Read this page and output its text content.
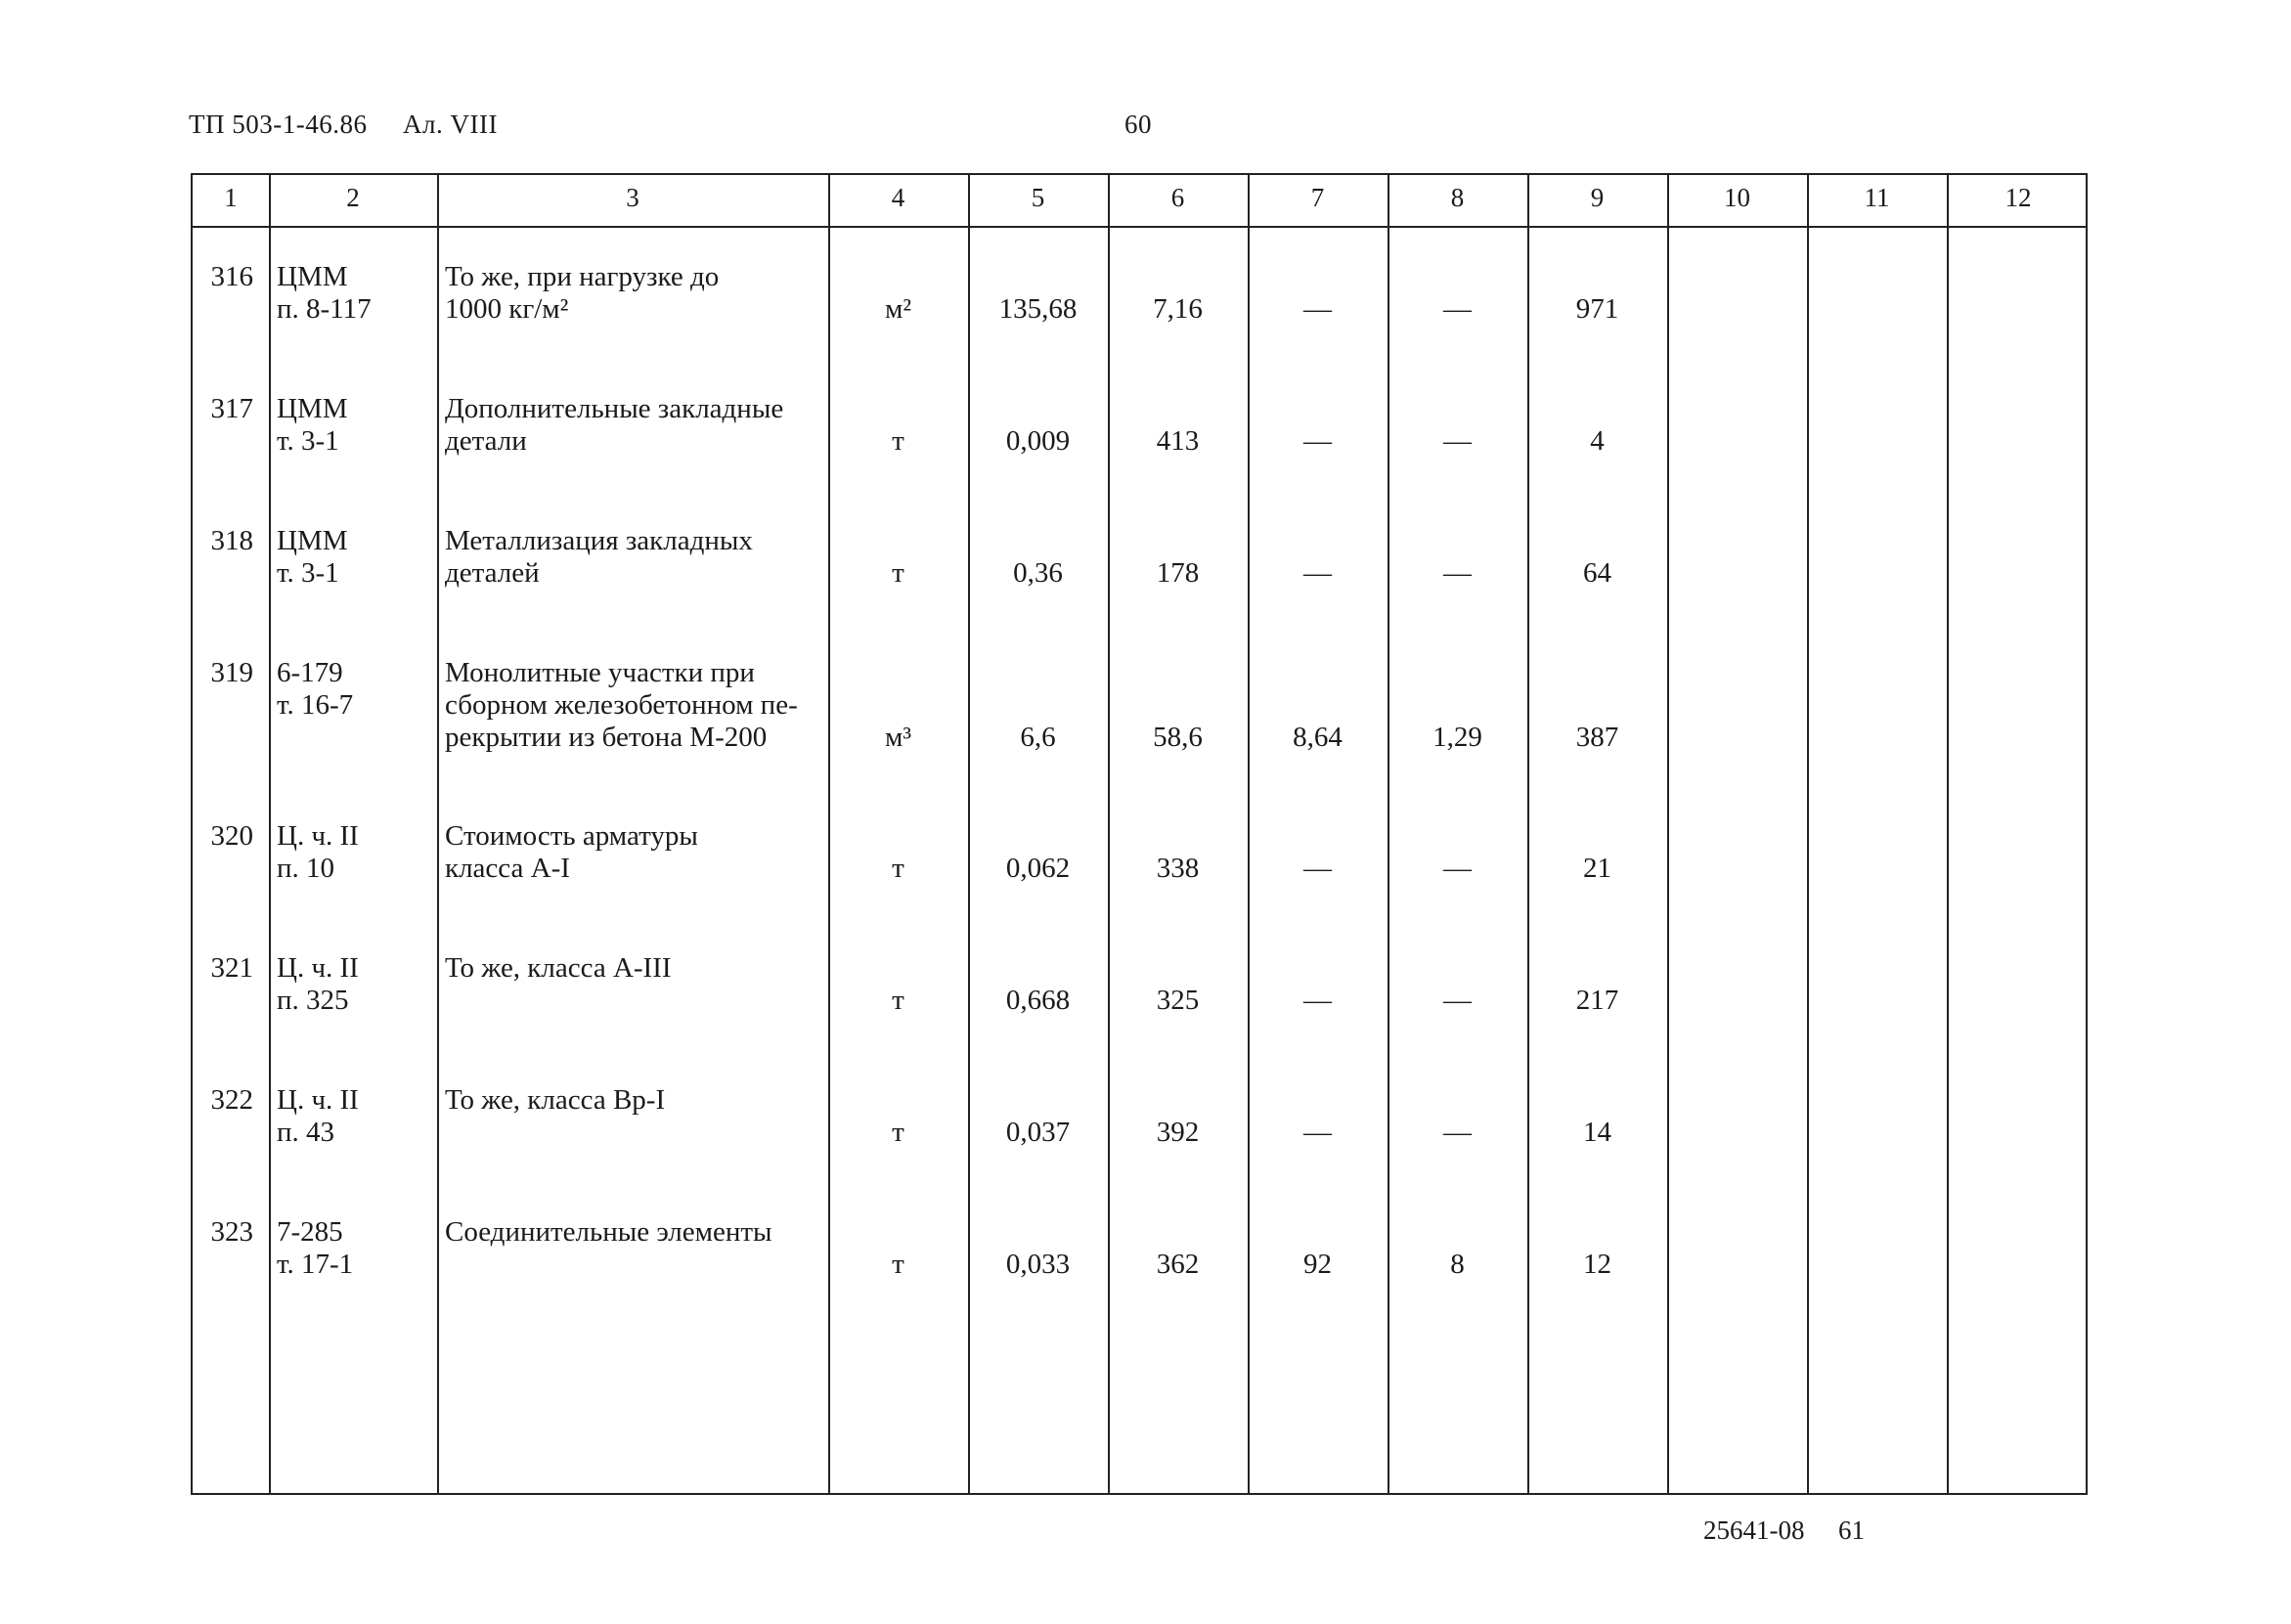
ТП 503-1-46.86 Ал. VIII	60
1	2	3	4	5	6	7	8	9	10	11	12
316 ЦММ
п. 8-117
То же, при нагрузке до
1000 кг/м²	м²	135,68	7,16	—	—	971
317 ЦММ
т. 3-1
Дополнительные закладные
детали	т	0,009	413	—	—	4
318 ЦММ
т. 3-1
Металлизация закладных
деталей	т	0,36	178	—	—	64
319 6-179
т. 16-7
Монолитные участки при
сборном железобетонном пе-
рекрытии из бетона М-200	м³	6,6	58,6	8,64	1,29	387
320 Ц. ч. II
п. 10
Стоимость арматуры
класса А-I	т	0,062	338	—	—	21
321 Ц. ч. II
п. 325
То же, класса А-III
т	0,668	325	—	—	217
322 Ц. ч. II
п. 43
То же, класса Вр-I
т	0,037	392	—	—	14
323 7-285
т. 17-1
Соединительные элементы
т	0,033	362	92	8	12
25641-08 61
